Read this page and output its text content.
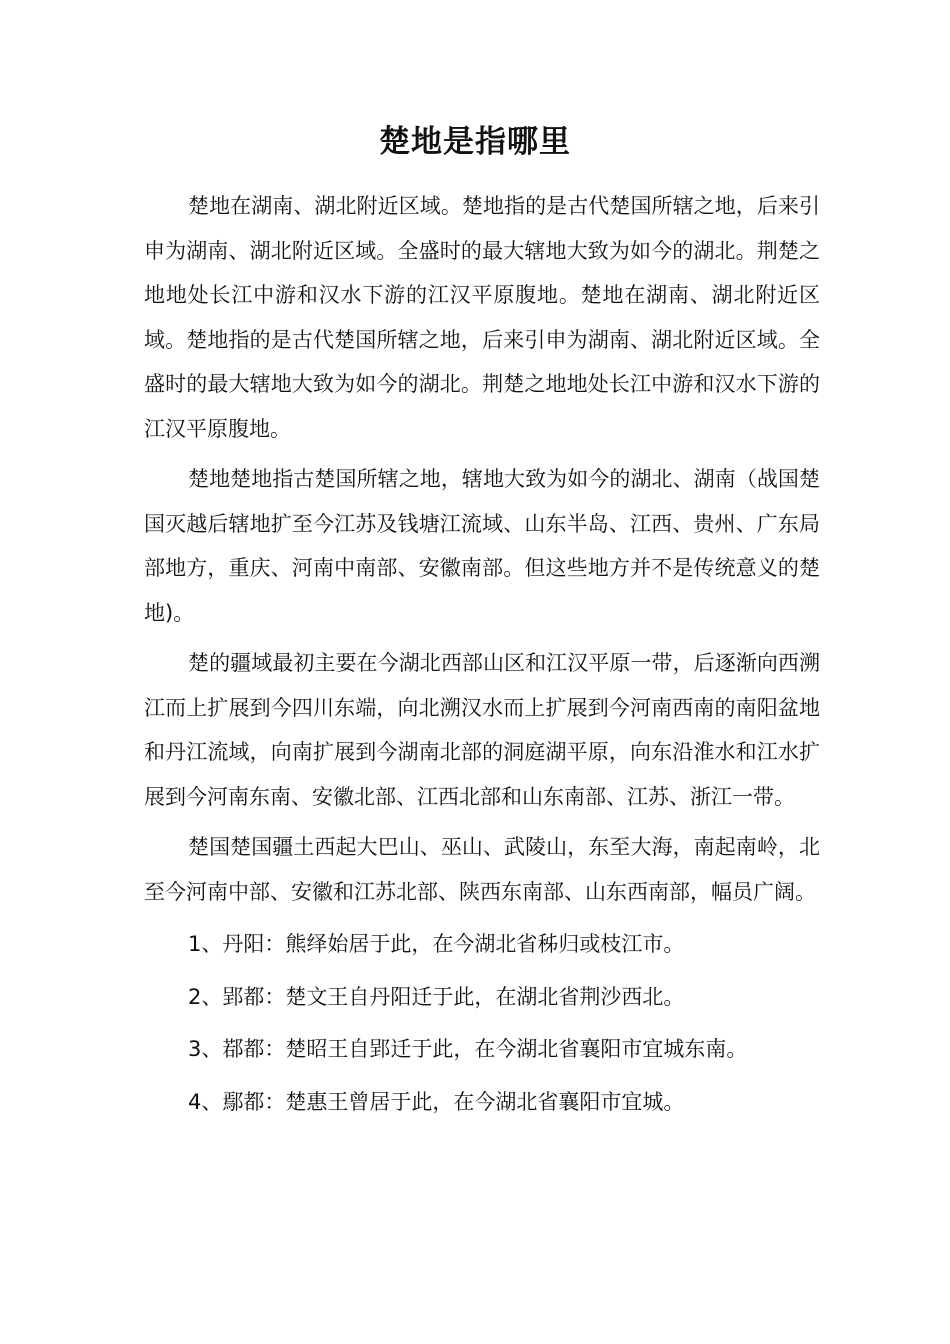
楚地是指哪里

楚地在湖南、湖北附近区域。楚地指的是古代楚国所辖之地，后来引申为湖南、湖北附近区域。全盛时的最大辖地大致为如今的湖北。荆楚之地地处长江中游和汉水下游的江汉平原腹地。楚地在湖南、湖北附近区域。楚地指的是古代楚国所辖之地，后来引申为湖南、湖北附近区域。全盛时的最大辖地大致为如今的湖北。荆楚之地地处长江中游和汉水下游的江汉平原腹地。

楚地楚地指古楚国所辖之地，辖地大致为如今的湖北、湖南（战国楚国灭越后辖地扩至今江苏及钱塘江流域、山东半岛、江西、贵州、广东局部地方，重庆、河南中南部、安徽南部。但这些地方并不是传统意义的楚地)。

楚的疆域最初主要在今湖北西部山区和江汉平原一带，后逐渐向西溯江而上扩展到今四川东端，向北溯汉水而上扩展到今河南西南的南阳盆地和丹江流域，向南扩展到今湖南北部的洞庭湖平原，向东沿淮水和江水扩展到今河南东南、安徽北部、江西北部和山东南部、江苏、浙江一带。

楚国楚国疆土西起大巴山、巫山、武陵山，东至大海，南起南岭，北至今河南中部、安徽和江苏北部、陕西东南部、山东西南部，幅员广阔。

1、丹阳：熊绎始居于此，在今湖北省秭归或枝江市。

2、郢都：楚文王自丹阳迁于此，在湖北省荆沙西北。

3、鄀都：楚昭王自郢迁于此，在今湖北省襄阳市宜城东南。

4、鄢都：楚惠王曾居于此，在今湖北省襄阳市宜城。
